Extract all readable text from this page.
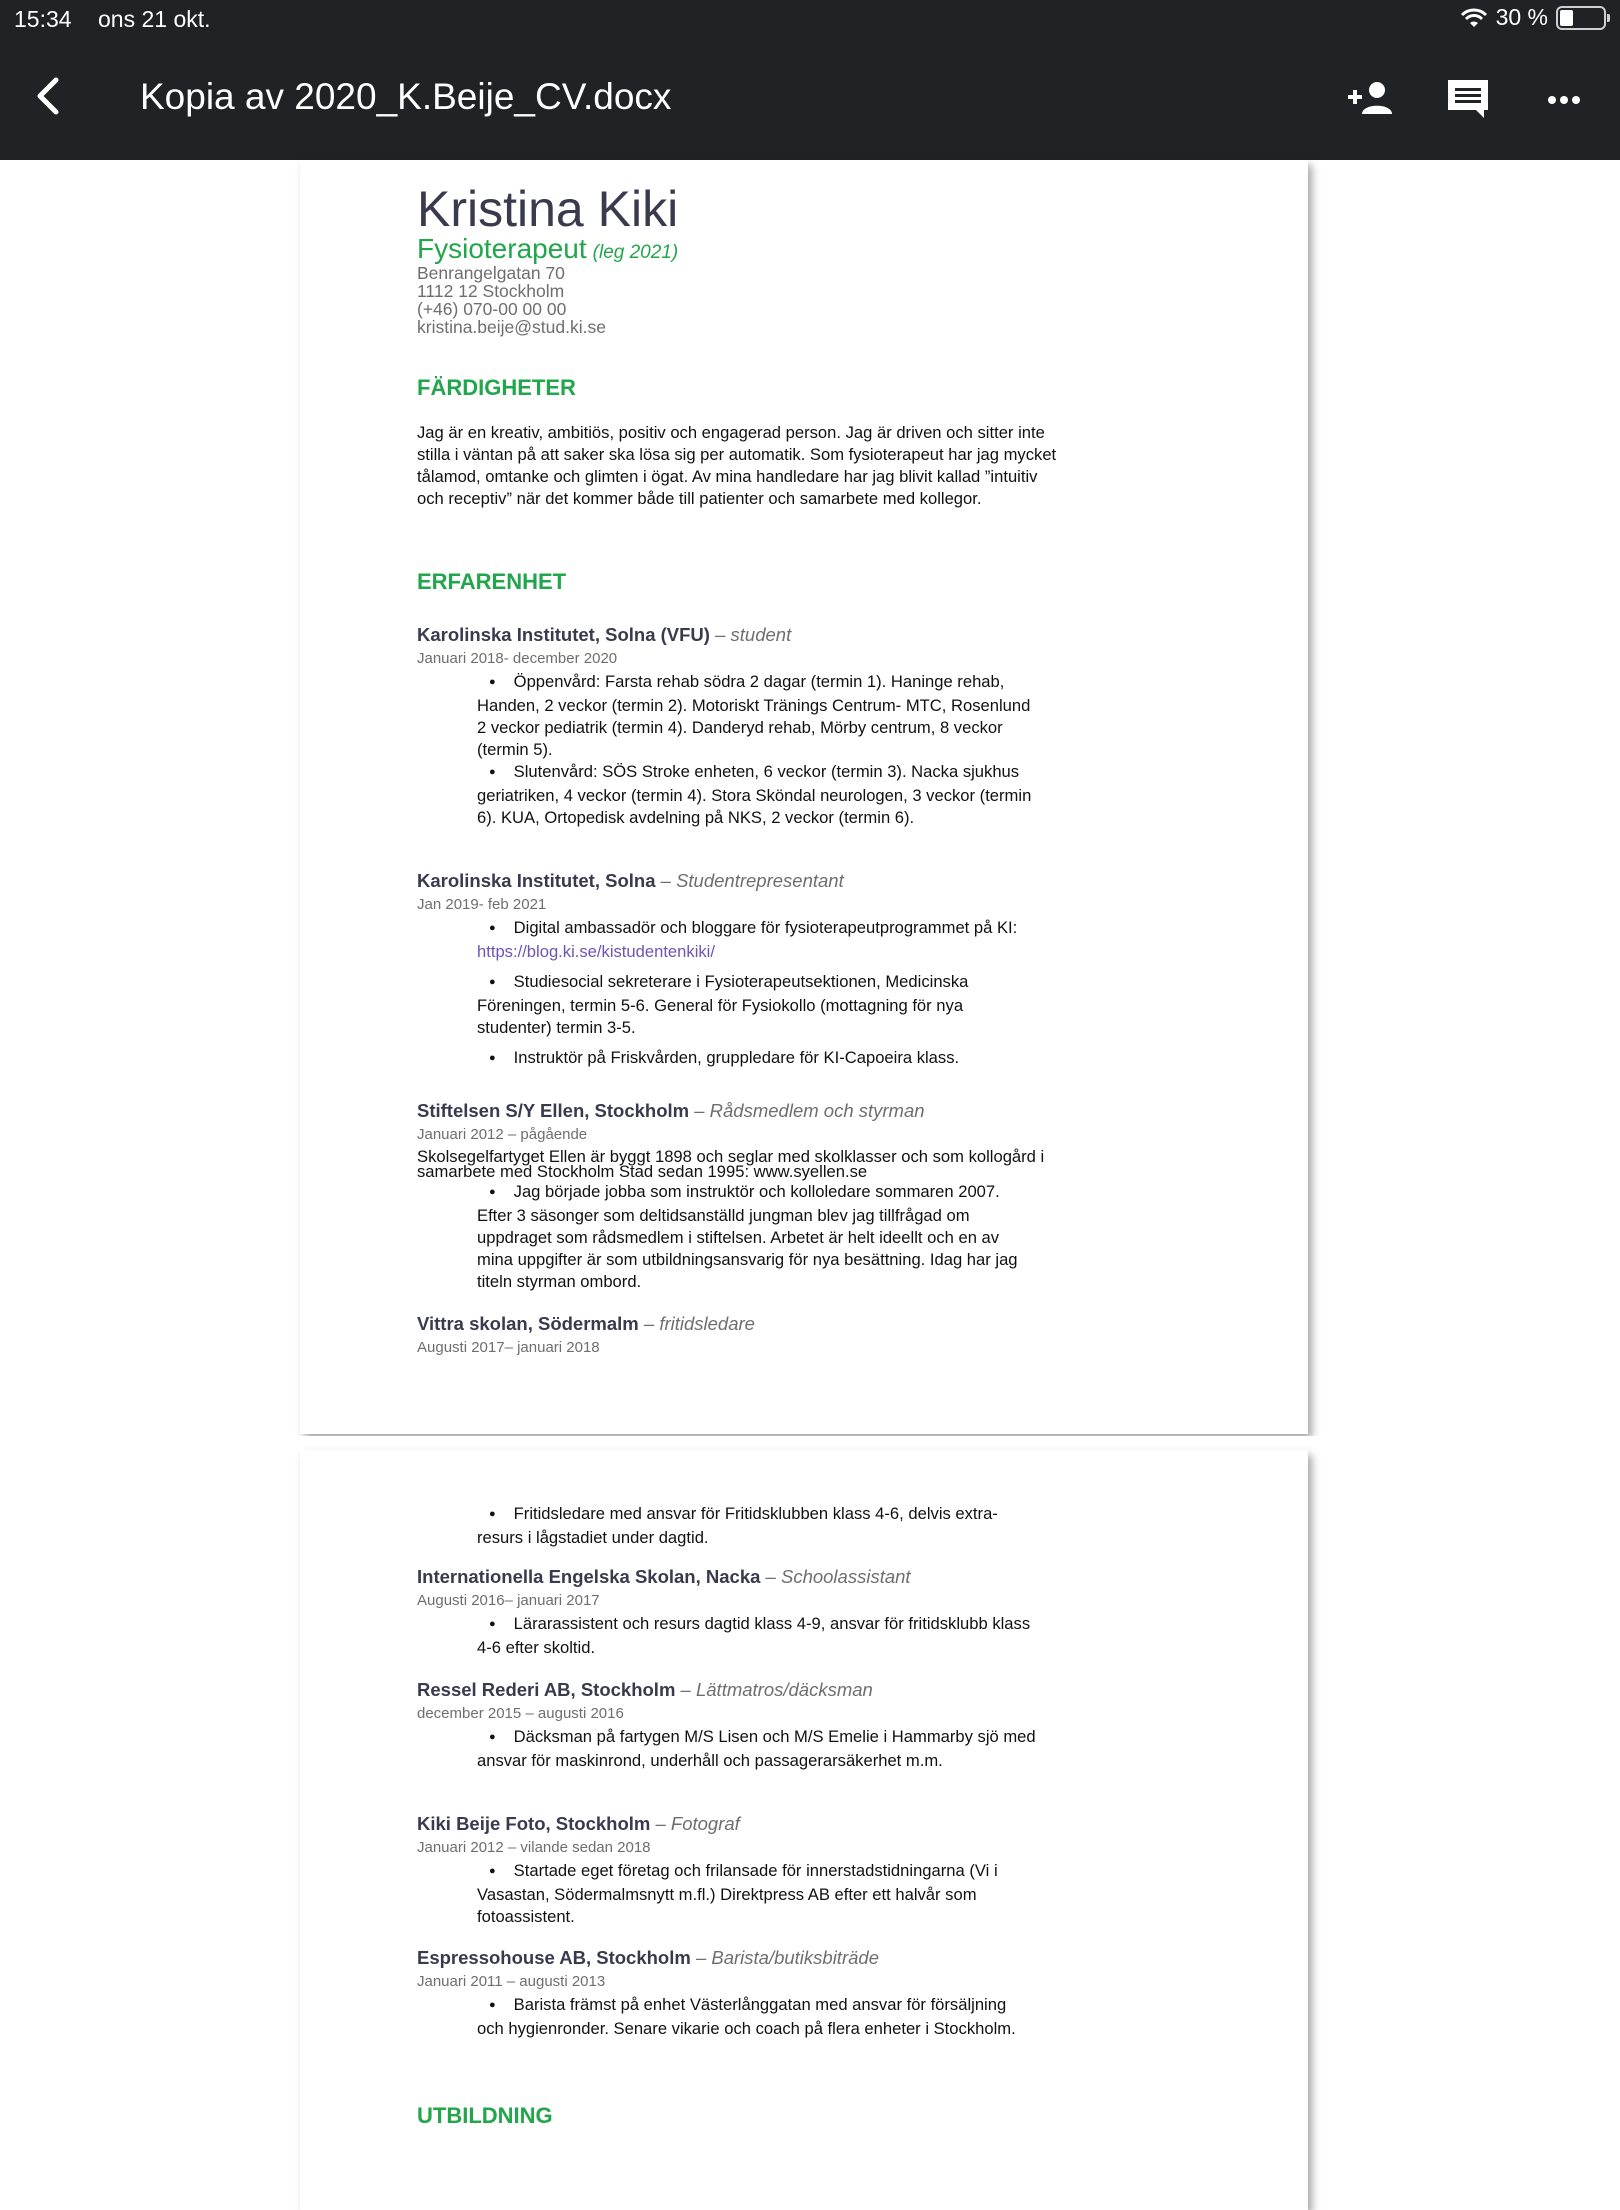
15:34 ons 21 okt.	30 %
Kopia av 2020_K.Beije_CV.docx
Kristina Kiki
Fysioterapeut (leg 2021)
Benrangelgatan 70
1112 12 Stockholm
(+46) 070-00 00 00
kristina.beije@stud.ki.se
FÄRDIGHETER
Jag är en kreativ, ambitiös, positiv och engagerad person. Jag är driven och sitter inte stilla i väntan på att saker ska lösa sig per automatik. Som fysioterapeut har jag mycket tålamod, omtanke och glimten i ögat. Av mina handledare har jag blivit kallad ”intuitiv och receptiv” när det kommer både till patienter och samarbete med kollegor.
ERFARENHET
Karolinska Institutet, Solna (VFU) – student
Januari 2018- december 2020
● Öppenvård: Farsta rehab södra 2 dagar (termin 1). Haninge rehab, Handen, 2 veckor (termin 2). Motoriskt Tränings Centrum- MTC, Rosenlund 2 veckor pediatrik (termin 4). Danderyd rehab, Mörby centrum, 8 veckor (termin 5).
● Slutenvård: SÖS Stroke enheten, 6 veckor (termin 3). Nacka sjukhus geriatriken, 4 veckor (termin 4). Stora Sköndal neurologen, 3 veckor (termin 6). KUA, Ortopedisk avdelning på NKS, 2 veckor (termin 6).
Karolinska Institutet, Solna – Studentrepresentant
Jan 2019- feb 2021
● Digital ambassadör och bloggare för fysioterapeutprogrammet på KI: https://blog.ki.se/kistudentenkiki/
● Studiesocial sekreterare i Fysioterapeutsektionen, Medicinska Föreningen, termin 5-6. General för Fysiokollo (mottagning för nya studenter) termin 3-5.
● Instruktör på Friskvården, gruppledare för KI-Capoeira klass.
Stiftelsen S/Y Ellen, Stockholm – Rådsmedlem och styrman
Januari 2012 – pågående
Skolsegelfartyget Ellen är byggt 1898 och seglar med skolklasser och som kollogård i samarbete med Stockholm Stad sedan 1995: www.syellen.se
● Jag började jobba som instruktör och kolloledare sommaren 2007. Efter 3 säsonger som deltidsanställd jungman blev jag tillfrågad om uppdraget som rådsmedlem i stiftelsen. Arbetet är helt ideellt och en av mina uppgifter är som utbildningsansvarig för nya besättning. Idag har jag titeln styrman ombord.
Vittra skolan, Södermalm – fritidsledare
Augusti 2017– januari 2018
● Fritidsledare med ansvar för Fritidsklubben klass 4-6, delvis extra-resurs i lågstadiet under dagtid.
Internationella Engelska Skolan, Nacka – Schoolassistant
Augusti 2016– januari 2017
● Lärarassistent och resurs dagtid klass 4-9, ansvar för fritidsklubb klass 4-6 efter skoltid.
Ressel Rederi AB, Stockholm – Lättmatros/däcksman
december 2015 – augusti 2016
● Däcksman på fartygen M/S Lisen och M/S Emelie i Hammarby sjö med ansvar för maskinrond, underhåll och passagerarsäkerhet m.m.
Kiki Beije Foto, Stockholm – Fotograf
Januari 2012 – vilande sedan 2018
● Startade eget företag och frilansade för innerstadstidningarna (Vi i Vasastan, Södermalmsnytt m.fl.) Direktpress AB efter ett halvår som fotoassistent.
Espressohouse AB, Stockholm – Barista/butiksbiträde
Januari 2011 – augusti 2013
● Barista främst på enhet Västerlånggatan med ansvar för försäljning och hygienronder. Senare vikarie och coach på flera enheter i Stockholm.
UTBILDNING
